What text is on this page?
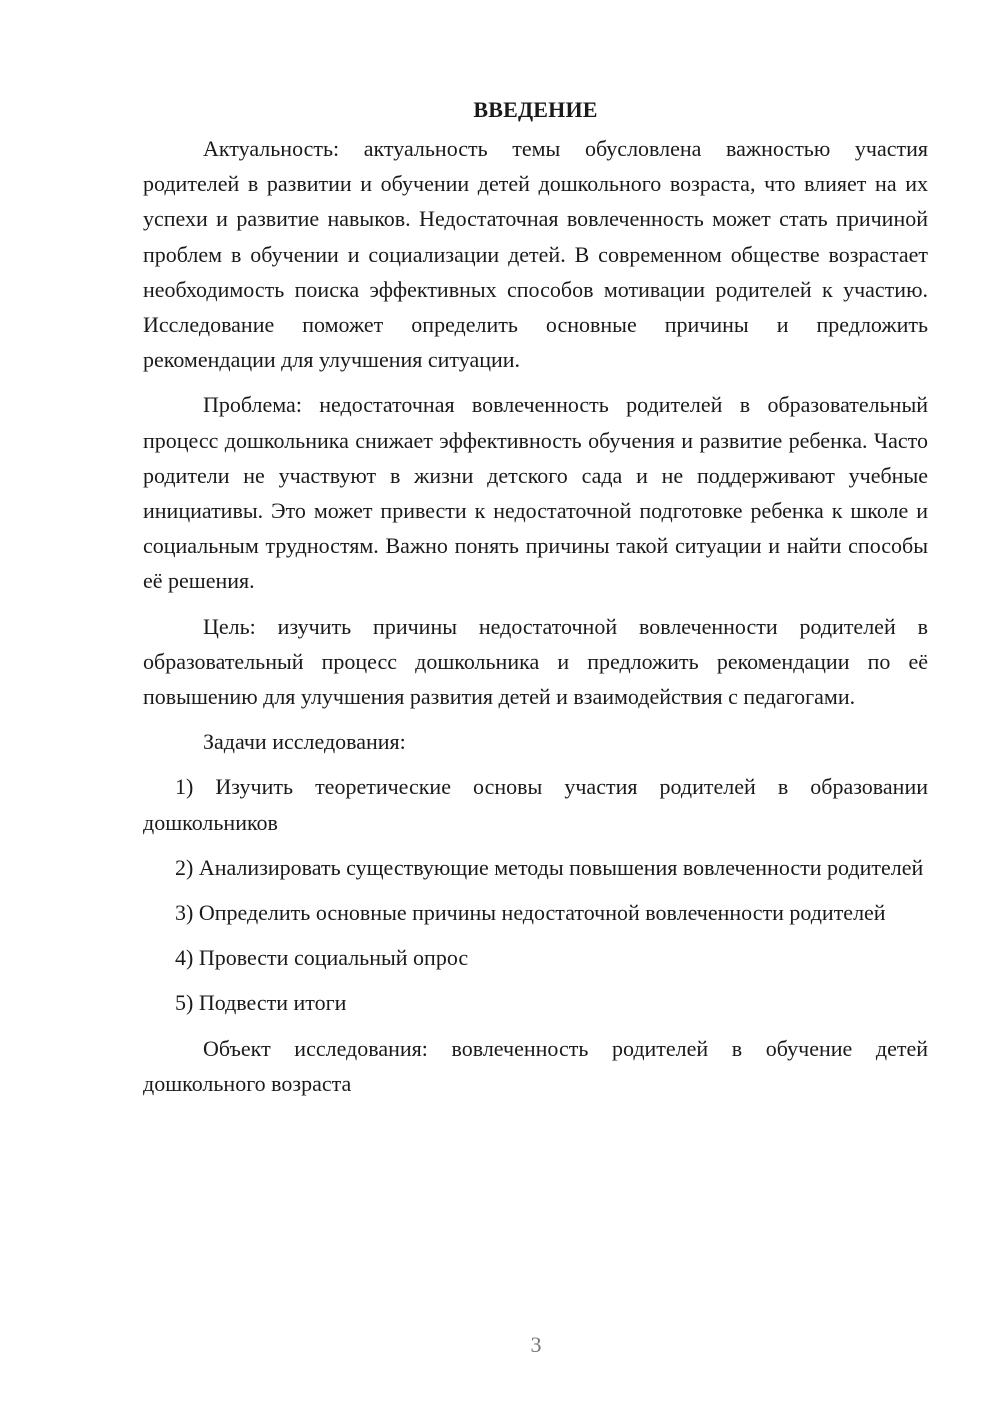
ВВЕДЕНИЕ

Актуальность: актуальность темы обусловлена важностью участия родителей в развитии и обучении детей дошкольного возраста, что влияет на их успехи и развитие навыков. Недостаточная вовлеченность может стать причиной проблем в обучении и социализации детей. В современном обществе возрастает необходимость поиска эффективных способов мотивации родителей к участию. Исследование поможет определить основные причины и предложить рекомендации для улучшения ситуации.

Проблема: недостаточная вовлеченность родителей в образовательный процесс дошкольника снижает эффективность обучения и развитие ребенка. Часто родители не участвуют в жизни детского сада и не поддерживают учебные инициативы. Это может привести к недостаточной подготовке ребенка к школе и социальным трудностям. Важно понять причины такой ситуации и найти способы её решения.

Цель: изучить причины недостаточной вовлеченности родителей в образовательный процесс дошкольника и предложить рекомендации по её повышению для улучшения развития детей и взаимодействия с педагогами.

Задачи исследования:

1) Изучить теоретические основы участия родителей в образовании дошкольников

2) Анализировать существующие методы повышения вовлеченности родителей

3) Определить основные причины недостаточной вовлеченности родителей

4) Провести социальный опрос

5) Подвести итоги

Объект исследования: вовлеченность родителей в обучение детей дошкольного возраста

3
